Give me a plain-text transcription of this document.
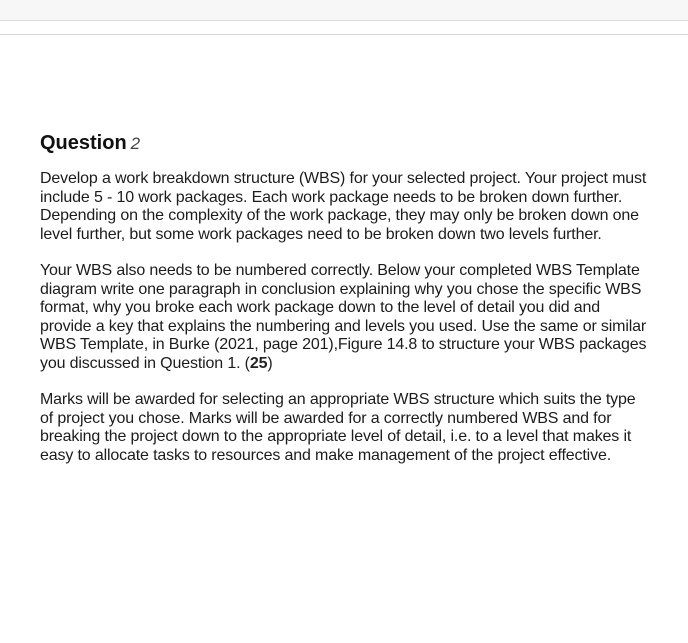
Question 2

Develop a work breakdown structure (WBS) for your selected project. Your project must include 5 - 10 work packages. Each work package needs to be broken down further. Depending on the complexity of the work package, they may only be broken down one level further, but some work packages need to be broken down two levels further.

Your WBS also needs to be numbered correctly. Below your completed WBS Template diagram write one paragraph in conclusion explaining why you chose the specific WBS format, why you broke each work package down to the level of detail you did and provide a key that explains the numbering and levels you used. Use the same or similar WBS Template, in Burke (2021, page 201),Figure 14.8 to structure your WBS packages you discussed in Question 1. (25)

Marks will be awarded for selecting an appropriate WBS structure which suits the type of project you chose. Marks will be awarded for a correctly numbered WBS and for breaking the project down to the appropriate level of detail, i.e. to a level that makes it easy to allocate tasks to resources and make management of the project effective.
